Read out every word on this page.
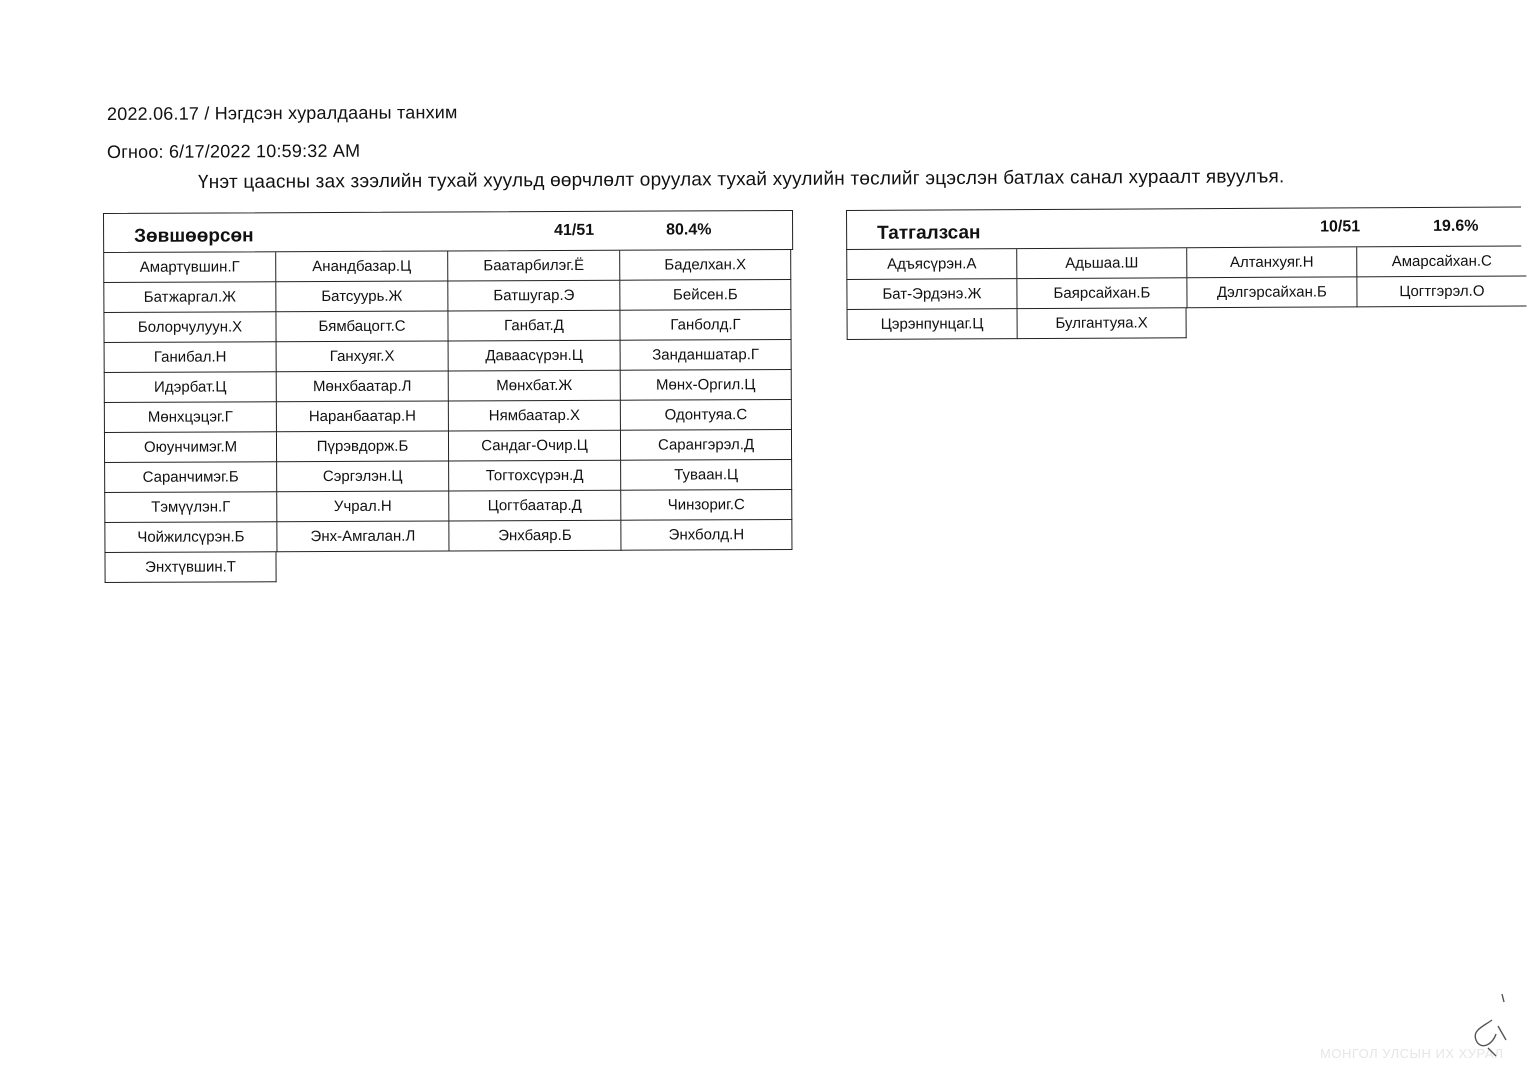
2022.06.17 / Нэгдсэн хуралдааны танхим
Огноо: 6/17/2022 10:59:32 AM
Үнэт цаасны зах зээлийн тухай хуульд өөрчлөлт оруулах тухай хуулийн төслийг эцэслэн батлах санал хураалт явуулъя.
Зөвшөөрсөн	41/51	80.4%
Амартүвшин.Г	Анандбазар.Ц	Баатарбилэг.Ё	Баделхан.Х
Батжаргал.Ж	Батсуурь.Ж	Батшугар.Э	Бейсен.Б
Болорчулуун.Х	Бямбацогт.С	Ганбат.Д	Ганболд.Г
Ганибал.Н	Ганхуяг.Х	Даваасүрэн.Ц	Занданшатар.Г
Идэрбат.Ц	Мөнхбаатар.Л	Мөнхбат.Ж	Мөнх-Оргил.Ц
Мөнхцэцэг.Г	Наранбаатар.Н	Нямбаатар.Х	Одонтуяа.С
Оюунчимэг.М	Пүрэвдорж.Б	Сандаг-Очир.Ц	Сарангэрэл.Д
Саранчимэг.Б	Сэргэлэн.Ц	Тогтохсүрэн.Д	Туваан.Ц
Тэмүүлэн.Г	Учрал.Н	Цогтбаатар.Д	Чинзориг.С
Чойжилсүрэн.Б	Энх-Амгалан.Л	Энхбаяр.Б	Энхболд.Н
Энхтүвшин.Т
Татгалзсан	10/51	19.6%
Адъясүрэн.А	Адьшаа.Ш	Алтанхуяг.Н	Амарсайхан.С
Бат-Эрдэнэ.Ж	Баярсайхан.Б	Дэлгэрсайхан.Б	Цогтгэрэл.О
Цэрэнпунцаг.Ц	Булгантуяа.Х
МОНГОЛ УЛСЫН ИХ ХУРАЛ
